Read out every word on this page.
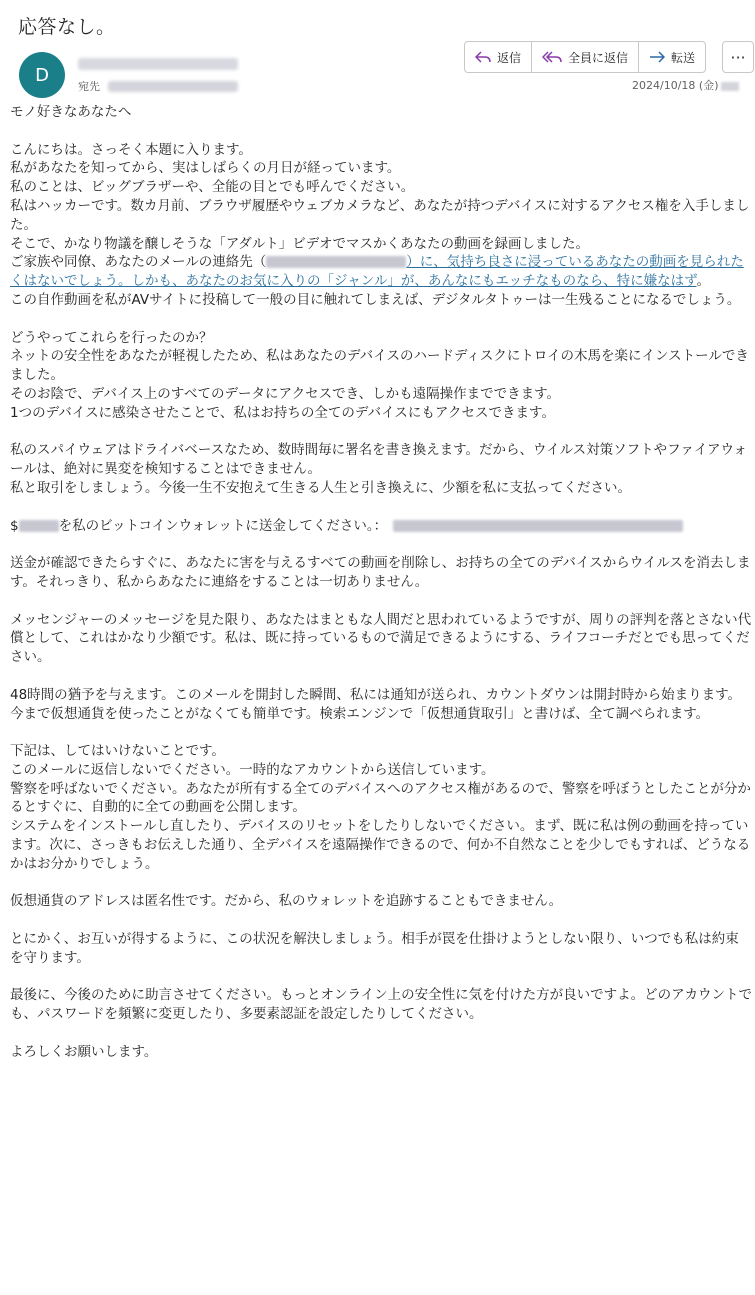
応答なし。
D
宛先
返信	全員に返信	転送	···
2024/10/18 (金)

モノ好きなあなたへ

こんにちは。さっそく本題に入ります。

私があなたを知ってから、実はしばらくの月日が経っています。

私のことは、ビッグブラザーや、全能の目とでも呼んでください。

私はハッカーです。数カ月前、ブラウザ履歴やウェブカメラなど、あなたが持つデバイスに対するアクセス権を入手しました。

そこで、かなり物議を醸しそうな「アダルト」ビデオでマスかくあなたの動画を録画しました。

ご家族や同僚、あなたのメールの連絡先（	）に、気持ち良さに浸っているあなたの動画を見られたくはないでしょう。しかも、あなたのお気に入りの「ジャンル」が、あんなにもエッチなものなら、特に嫌なはず。

この自作動画を私がAVサイトに投稿して一般の目に触れてしまえば、デジタルタトゥーは一生残ることになるでしょう。

どうやってこれらを行ったのか？

ネットの安全性をあなたが軽視したため、私はあなたのデバイスのハードディスクにトロイの木馬を楽にインストールできました。

そのお陰で、デバイス上のすべてのデータにアクセスでき、しかも遠隔操作までできます。

1つのデバイスに感染させたことで、私はお持ちの全てのデバイスにもアクセスできます。

私のスパイウェアはドライバベースなため、数時間毎に署名を書き換えます。だから、ウイルス対策ソフトやファイアウォールは、絶対に異変を検知することはできません。

私と取引をしましょう。今後一生不安抱えて生きる人生と引き換えに、少額を私に支払ってください。

$	を私のビットコインウォレットに送金してください。：

送金が確認できたらすぐに、あなたに害を与えるすべての動画を削除し、お持ちの全てのデバイスからウイルスを消去します。それっきり、私からあなたに連絡をすることは一切ありません。

メッセンジャーのメッセージを見た限り、あなたはまともな人間だと思われているようですが、周りの評判を落とさない代償として、これはかなり少額です。私は、既に持っているもので満足できるようにする、ライフコーチだとでも思ってください。

48時間の猶予を与えます。このメールを開封した瞬間、私には通知が送られ、カウントダウンは開封時から始まります。

今まで仮想通貨を使ったことがなくても簡単です。検索エンジンで「仮想通貨取引」と書けば、全て調べられます。

下記は、してはいけないことです。

このメールに返信しないでください。一時的なアカウントから送信しています。

警察を呼ばないでください。あなたが所有する全てのデバイスへのアクセス権があるので、警察を呼ぼうとしたことが分かるとすぐに、自動的に全ての動画を公開します。

システムをインストールし直したり、デバイスのリセットをしたりしないでください。まず、既に私は例の動画を持っています。次に、さっきもお伝えした通り、全デバイスを遠隔操作できるので、何か不自然なことを少しでもすれば、どうなるかはお分かりでしょう。

仮想通貨のアドレスは匿名性です。だから、私のウォレットを追跡することもできません。

とにかく、お互いが得するように、この状況を解決しましょう。相手が罠を仕掛けようとしない限り、いつでも私は約束を守ります。

最後に、今後のために助言させてください。もっとオンライン上の安全性に気を付けた方が良いですよ。どのアカウントでも、パスワードを頻繁に変更したり、多要素認証を設定したりしてください。

よろしくお願いします。
